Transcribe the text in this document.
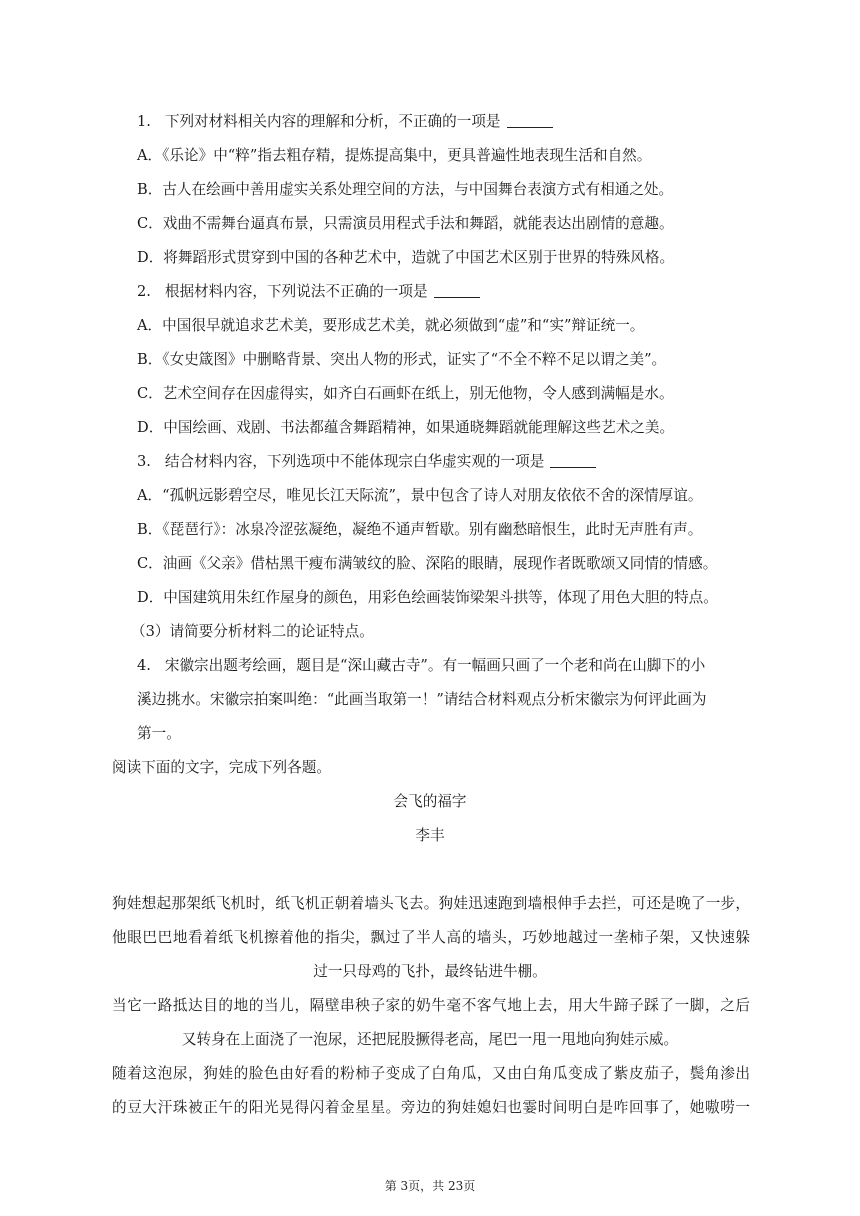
1. 下列对材料相关内容的理解和分析，不正确的一项是
A．《乐论》中“粹”指去粗存精，提炼提高集中，更具普遍性地表现生活和自然。
B．古人在绘画中善用虚实关系处理空间的方法，与中国舞台表演方式有相通之处。
C．戏曲不需舞台逼真布景，只需演员用程式手法和舞蹈，就能表达出剧情的意趣。
D．将舞蹈形式贯穿到中国的各种艺术中，造就了中国艺术区别于世界的特殊风格。
2. 根据材料内容，下列说法不正确的一项是
A．中国很早就追求艺术美，要形成艺术美，就必须做到“虚”和“实”辩证统一。
B．《女史箴图》中删略背景、突出人物的形式，证实了“不全不粹不足以谓之美”。
C．艺术空间存在因虚得实，如齐白石画虾在纸上，别无他物，令人感到满幅是水。
D．中国绘画、戏剧、书法都蕴含舞蹈精神，如果通晓舞蹈就能理解这些艺术之美。
3. 结合材料内容，下列选项中不能体现宗白华虚实观的一项是
A．“孤帆远影碧空尽，唯见长江天际流”，景中包含了诗人对朋友依依不舍的深情厚谊。
B．《琵琶行》：冰泉冷涩弦凝绝，凝绝不通声暂歇。别有幽愁暗恨生，此时无声胜有声。
C．油画《父亲》借枯黑干瘦布满皱纹的脸、深陷的眼睛，展现作者既歌颂又同情的情感。
D．中国建筑用朱红作屋身的颜色，用彩色绘画装饰梁架斗拱等，体现了用色大胆的特点。
（3）请简要分析材料二的论证特点。
4. 宋徽宗出题考绘画，题目是“深山藏古寺”。有一幅画只画了一个老和尚在山脚下的小
溪边挑水。宋徽宗拍案叫绝：“此画当取第一！”请结合材料观点分析宋徽宗为何评此画为
第一。
阅读下面的文字，完成下列各题。
会飞的福字
李丰
狗娃想起那架纸飞机时，纸飞机正朝着墙头飞去。狗娃迅速跑到墙根伸手去拦，可还是晚了一步，
他眼巴巴地看着纸飞机擦着他的指尖，飘过了半人高的墙头，巧妙地越过一垄柿子架，又快速躲
过一只母鸡的飞扑，最终钻进牛棚。
当它一路抵达目的地的当儿，隔壁串秧子家的奶牛毫不客气地上去，用大牛蹄子踩了一脚，之后
又转身在上面浇了一泡尿，还把屁股撅得老高，尾巴一甩一甩地向狗娃示威。
随着这泡尿，狗娃的脸色由好看的粉柿子变成了白角瓜，又由白角瓜变成了紫皮茄子，鬓角渗出
的豆大汗珠被正午的阳光晃得闪着金星星。旁边的狗娃媳妇也霎时间明白是咋回事了，她嗷唠一
第 3页，共 23页
